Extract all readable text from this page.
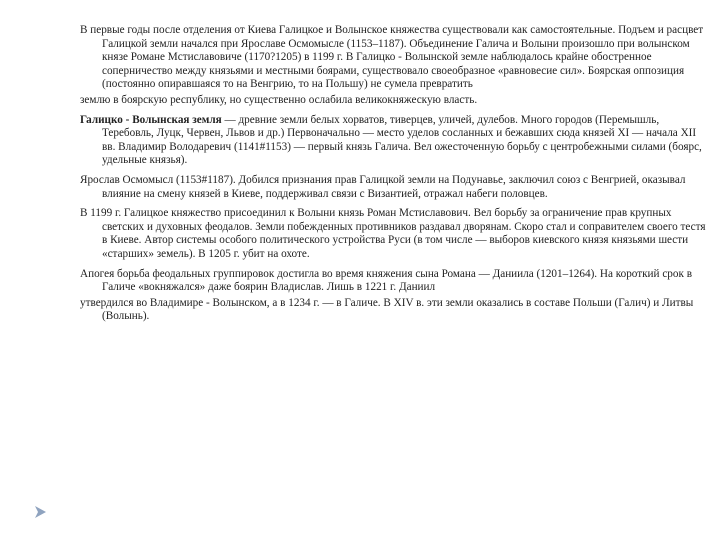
В первые годы после отделения от Киева Галицкое и Волынское княжества существовали как самостоятельные. Подъем и расцвет Галицкой земли начался при Ярославе Осмомысле (1153–1187). Объединение Галича и Волыни произошло при волынском князе Романе Мстиславовиче (1170?1205) в 1199 г. В Галицко - Волынской земле наблюдалось крайне обостренное соперничество между князьями и местными боярами, существовало своеобразное «равновесие сил». Боярская оппозиция (постоянно опиравшаяся то на Венгрию, то на Польшу) не сумела превратить

землю в боярскую республику, но существенно ослабила великокняжескую власть.

Галицко - Волынская земля — древние земли белых хорватов, тиверцев, уличей, дулебов. Много городов (Перемышль, Теребовль, Луцк, Червен, Львов и др.) Первоначально — место уделов сосланных и бежавших сюда князей XI — начала XII вв. Владимир Володаревич (1141#1153) — первый князь Галича. Вел ожесточенную борьбу с центробежными силами (боярс, удельные князья).

Ярослав Осмомысл (1153#1187). Добился признания прав Галицкой земли на Подунавье, заключил союз с Венгрией, оказывал влияние на смену князей в Киеве, поддерживал связи с Византией, отражал набеги половцев.

В 1199 г. Галицкое княжество присоединил к Волыни князь Роман Мстиславович. Вел борьбу за ограничение прав крупных светских и духовных феодалов. Земли побежденных противников раздавал дворянам. Скоро стал и соправителем своего тестя в Киеве. Автор системы особого политического устройства Руси (в том числе — выборов киевского князя князьями шести «старших» земель). В 1205 г. убит на охоте.

Апогея борьба феодальных группировок достигла во время княжения сына Романа — Даниила (1201–1264). На короткий срок в Галиче «вокняжался» даже боярин Владислав. Лишь в 1221 г. Даниил

утвердился во Владимире - Волынском, а в 1234 г. — в Галиче. В XIV в. эти земли оказались в составе Польши (Галич) и Литвы (Волынь).
